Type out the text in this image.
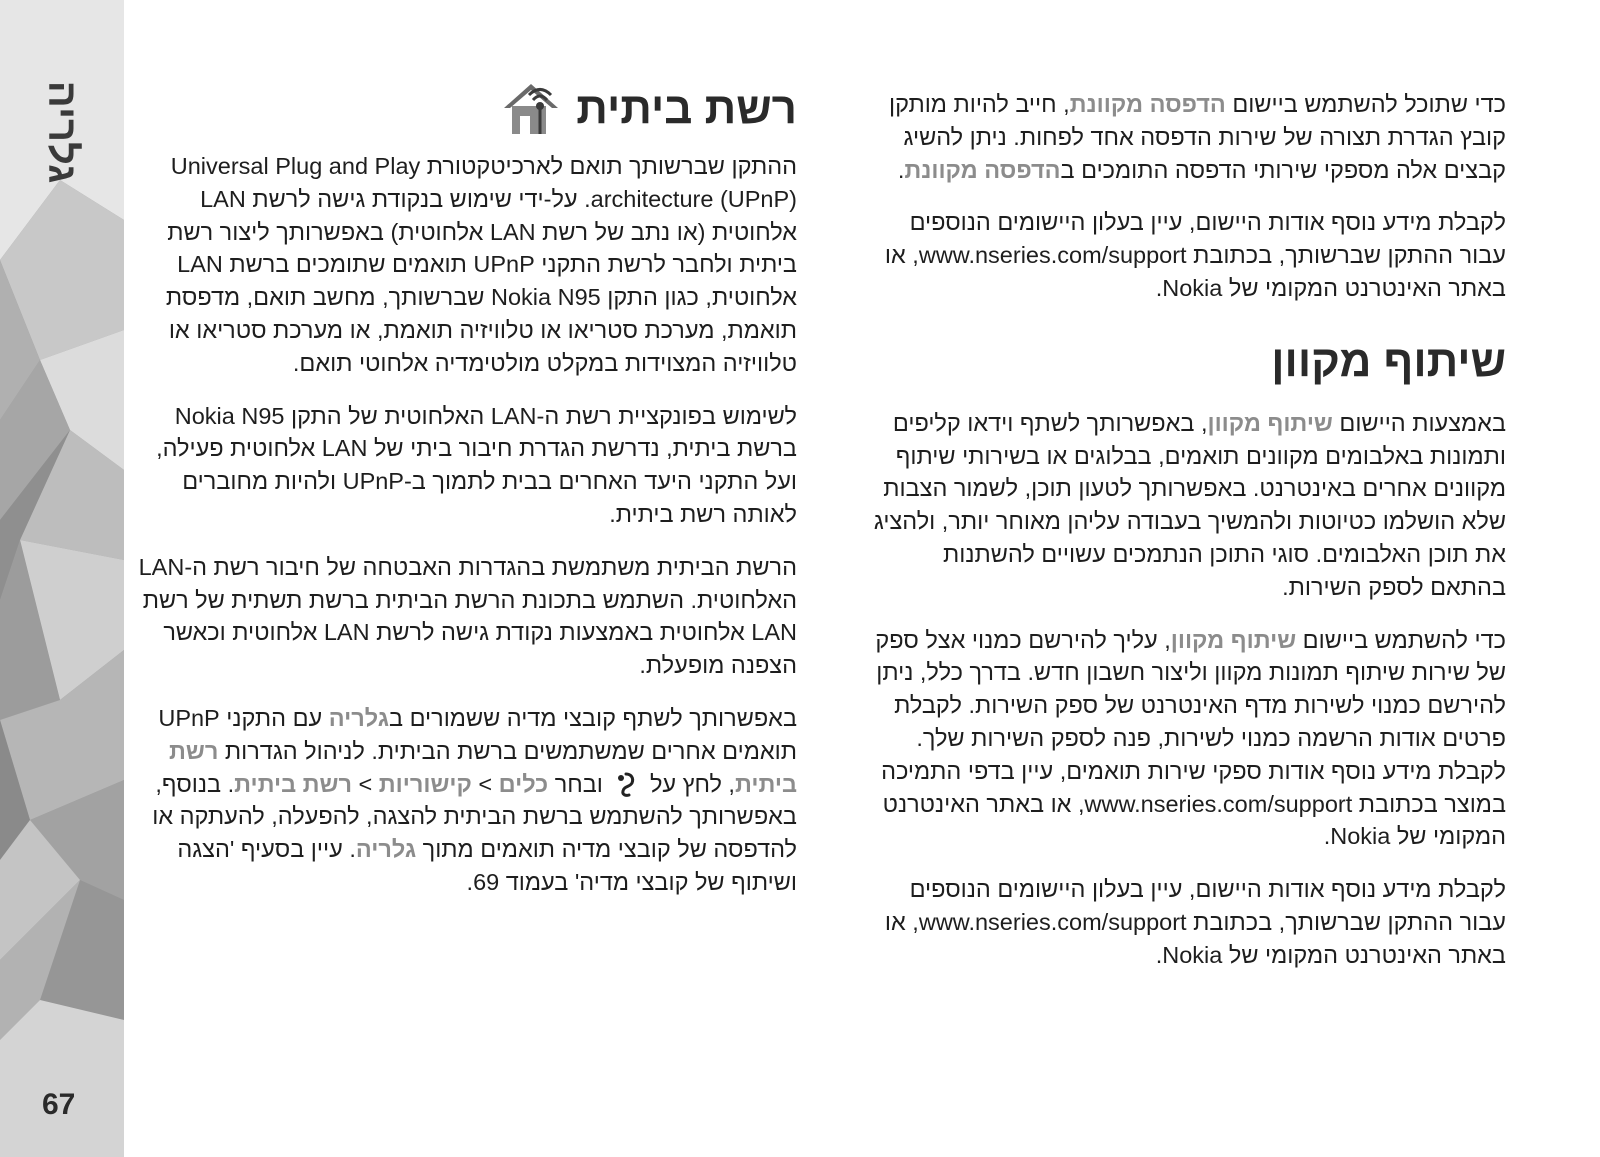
גלריה
67
רשת ביתית

ההתקן שברשותך תואם לארכיטקטורת Universal Plug and Play architecture (UPnP). על-ידי שימוש בנקודת גישה לרשת LAN אלחוטית (או נתב של רשת LAN אלחוטית) באפשרותך ליצור רשת ביתית ולחבר לרשת התקני UPnP תואמים שתומכים ברשת LAN אלחוטית, כגון התקן Nokia N95 שברשותך, מחשב תואם, מדפסת תואמת, מערכת סטריאו או טלוויזיה תואמת, או מערכת סטריאו או טלוויזיה המצוידות במקלט מולטימדיה אלחוטי תואם.

לשימוש בפונקציית רשת ה-LAN האלחוטית של התקן Nokia N95 ברשת ביתית, נדרשת הגדרת חיבור ביתי של LAN אלחוטית פעילה, ועל התקני היעד האחרים בבית לתמוך ב-UPnP ולהיות מחוברים לאותה רשת ביתית.

הרשת הביתית משתמשת בהגדרות האבטחה של חיבור רשת ה-LAN האלחוטית. השתמש בתכונת הרשת הביתית ברשת תשתית של רשת LAN אלחוטית באמצעות נקודת גישה לרשת LAN אלחוטית וכאשר הצפנה מופעלת.

באפשרותך לשתף קובצי מדיה ששמורים בגלריה עם התקני UPnP תואמים אחרים שמשתמשים ברשת הביתית. לניהול הגדרות רשת ביתית, לחץ על  ובחר כלים > קישוריות > רשת ביתית. בנוסף, באפשרותך להשתמש ברשת הביתית להצגה, להפעלה, להעתקה או להדפסה של קובצי מדיה תואמים מתוך גלריה. עיין בסעיף 'הצגה ושיתוף של קובצי מדיה' בעמוד 69.

כדי שתוכל להשתמש ביישום הדפסה מקוונת, חייב להיות מותקן קובץ הגדרת תצורה של שירות הדפסה אחד לפחות. ניתן להשיג קבצים אלה מספקי שירותי הדפסה התומכים בהדפסה מקוונת.

לקבלת מידע נוסף אודות היישום, עיין בעלון היישומים הנוספים עבור ההתקן שברשותך, בכתובת www.nseries.com/support, או באתר האינטרנט המקומי של Nokia.

שיתוף מקוון

באמצעות היישום שיתוף מקוון, באפשרותך לשתף וידאו קליפים ותמונות באלבומים מקוונים תואמים, בבלוגים או בשירותי שיתוף מקוונים אחרים באינטרנט. באפשרותך לטעון תוכן, לשמור הצבות שלא הושלמו כטיוטות ולהמשיך בעבודה עליהן מאוחר יותר, ולהציג את תוכן האלבומים. סוגי התוכן הנתמכים עשויים להשתנות בהתאם לספק השירות.

כדי להשתמש ביישום שיתוף מקוון, עליך להירשם כמנוי אצל ספק של שירות שיתוף תמונות מקוון וליצור חשבון חדש. בדרך כלל, ניתן להירשם כמנוי לשירות מדף האינטרנט של ספק השירות. לקבלת פרטים אודות הרשמה כמנוי לשירות, פנה לספק השירות שלך. לקבלת מידע נוסף אודות ספקי שירות תואמים, עיין בדפי התמיכה במוצר בכתובת www.nseries.com/support, או באתר האינטרנט המקומי של Nokia.

לקבלת מידע נוסף אודות היישום, עיין בעלון היישומים הנוספים עבור ההתקן שברשותך, בכתובת www.nseries.com/support, או באתר האינטרנט המקומי של Nokia.
